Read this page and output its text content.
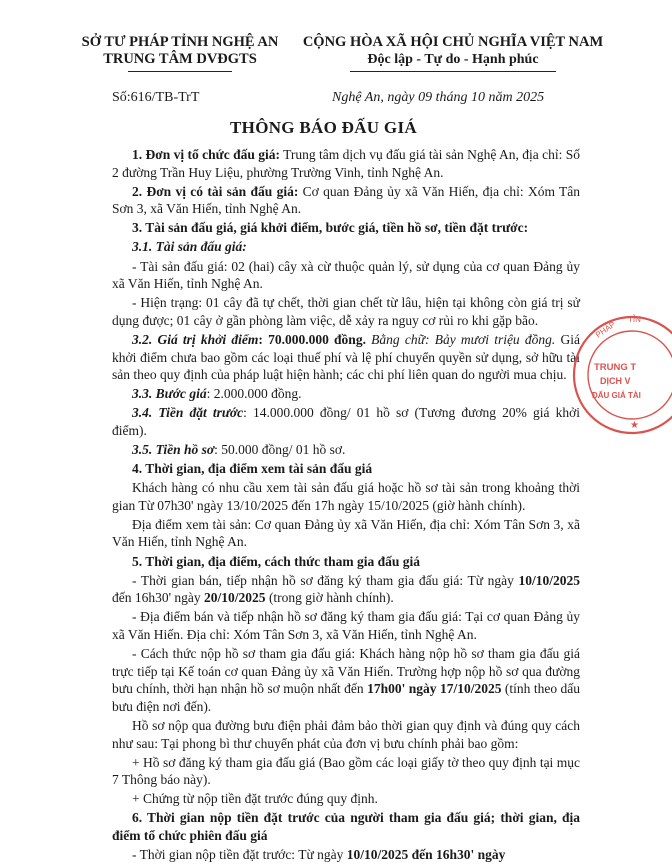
SỞ TƯ PHÁP TỈNH NGHỆ AN
TRUNG TÂM DVĐGTS
CỘNG HÒA XÃ HỘI CHỦ NGHĨA VIỆT NAM
Độc lập - Tự do - Hạnh phúc
Số:616/TB-TrT	Nghệ An, ngày 09 tháng 10 năm 2025
THÔNG BÁO ĐẤU GIÁ

1. Đơn vị tổ chức đấu giá: Trung tâm dịch vụ đấu giá tài sản Nghệ An, địa chỉ: Số 2 đường Trần Huy Liệu, phường Trường Vinh, tỉnh Nghệ An.

2. Đơn vị có tài sản đấu giá: Cơ quan Đảng ủy xã Văn Hiến, địa chỉ: Xóm Tân Sơn 3, xã Văn Hiến, tỉnh Nghệ An.

3. Tài sản đấu giá, giá khởi điểm, bước giá, tiền hồ sơ, tiền đặt trước:

3.1. Tài sản đấu giá:

- Tài sản đấu giá: 02 (hai) cây xà cừ thuộc quản lý, sử dụng của cơ quan Đảng ủy xã Văn Hiến, tỉnh Nghệ An.

- Hiện trạng: 01 cây đã tự chết, thời gian chết từ lâu, hiện tại không còn giá trị sử dụng được; 01 cây ở gần phòng làm việc, dễ xảy ra nguy cơ rủi ro khi gặp bão.

3.2. Giá trị khởi điểm: 70.000.000 đồng. Bằng chữ: Bảy mươi triệu đồng. Giá khởi điểm chưa bao gồm các loại thuế phí và lệ phí chuyển quyền sử dụng, sở hữu tài sản theo quy định của pháp luật hiện hành; các chi phí liên quan do người mua chịu.

3.3. Bước giá: 2.000.000 đồng.

3.4. Tiền đặt trước: 14.000.000 đồng/ 01 hồ sơ (Tương đương 20% giá khởi điểm).

3.5. Tiền hồ sơ: 50.000 đồng/ 01 hồ sơ.

4. Thời gian, địa điểm xem tài sản đấu giá

Khách hàng có nhu cầu xem tài sản đấu giá hoặc hồ sơ tài sản trong khoảng thời gian Từ 07h30' ngày 13/10/2025 đến 17h ngày 15/10/2025 (giờ hành chính).

Địa điểm xem tài sản: Cơ quan Đảng ủy xã Văn Hiến, địa chỉ: Xóm Tân Sơn 3, xã Văn Hiến, tỉnh Nghệ An.

5. Thời gian, địa điểm, cách thức tham gia đấu giá

- Thời gian bán, tiếp nhận hồ sơ đăng ký tham gia đấu giá: Từ ngày 10/10/2025 đến 16h30' ngày 20/10/2025 (trong giờ hành chính).

- Địa điểm bán và tiếp nhận hồ sơ đăng ký tham gia đấu giá: Tại cơ quan Đảng ủy xã Văn Hiến. Địa chỉ: Xóm Tân Sơn 3, xã Văn Hiến, tỉnh Nghệ An.

- Cách thức nộp hồ sơ tham gia đấu giá: Khách hàng nộp hồ sơ tham gia đấu giá trực tiếp tại Kế toán cơ quan Đảng ủy xã Văn Hiến. Trường hợp nộp hồ sơ qua đường bưu chính, thời hạn nhận hồ sơ muộn nhất đến 17h00' ngày 17/10/2025 (tính theo dấu bưu điện nơi đến).

Hồ sơ nộp qua đường bưu điện phải đảm bảo thời gian quy định và đúng quy cách như sau: Tại phong bì thư chuyển phát của đơn vị bưu chính phải bao gồm:

+ Hồ sơ đăng ký tham gia đấu giá (Bao gồm các loại giấy tờ theo quy định tại mục 7 Thông báo này).

+ Chứng từ nộp tiền đặt trước đúng quy định.

6. Thời gian nộp tiền đặt trước của người tham gia đấu giá; thời gian, địa điểm tổ chức phiên đấu giá

- Thời gian nộp tiền đặt trước: Từ ngày 10/10/2025 đến 16h30' ngày

PHÁP
TỈN
TRUNG T
DỊCH V
ĐẤU GIÁ TÀI
★
